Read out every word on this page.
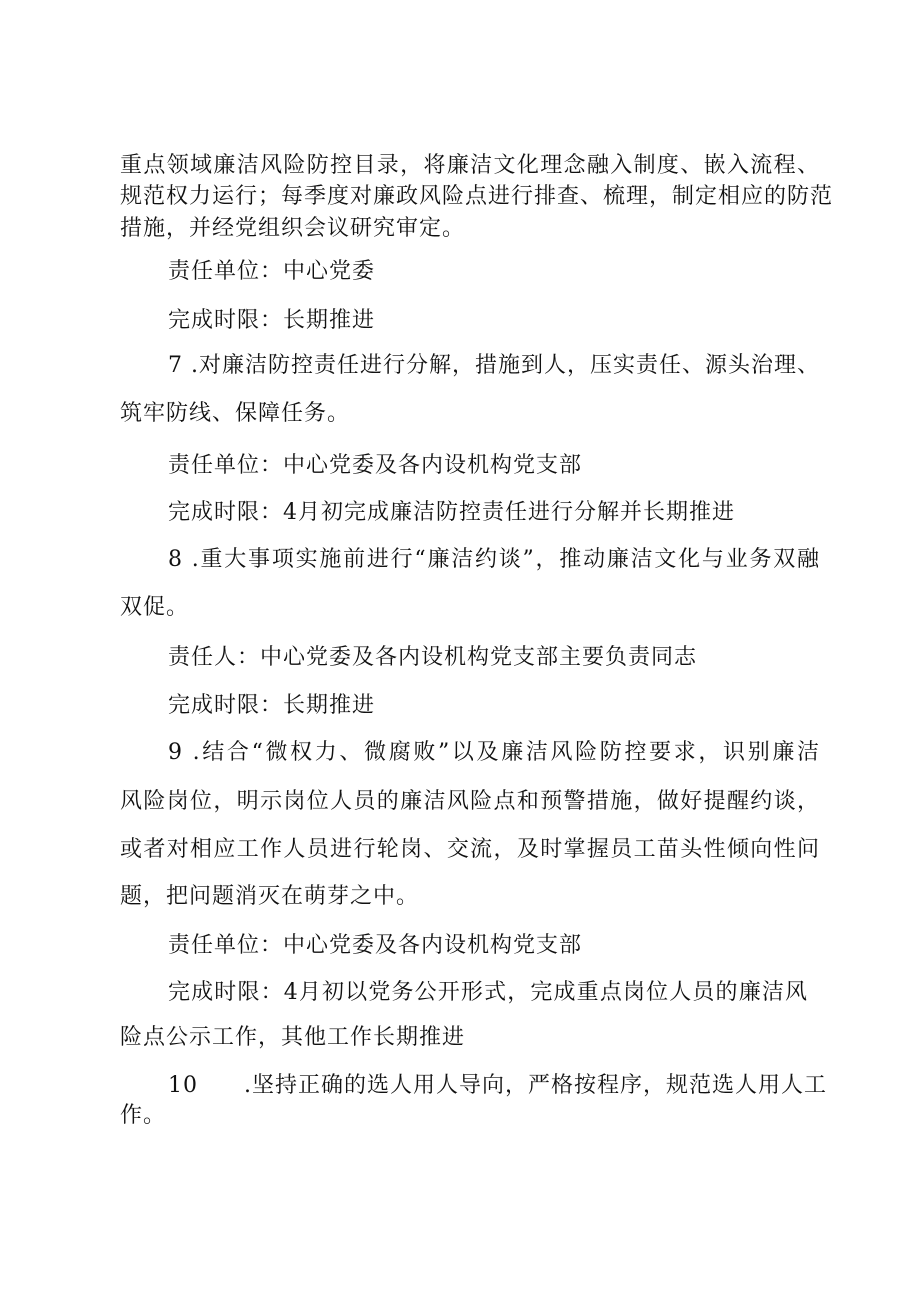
重点领域廉洁风险防控目录，将廉洁文化理念融入制度、嵌入流程、
规范权力运行；每季度对廉政风险点进行排查、梳理，制定相应的防范
措施，并经党组织会议研究审定。
责任单位：中心党委
完成时限：长期推进
7 .对廉洁防控责任进行分解，措施到人，压实责任、源头治理、
筑牢防线、保障任务。
责任单位：中心党委及各内设机构党支部
完成时限：4月初完成廉洁防控责任进行分解并长期推进
8 .重大事项实施前进行“廉洁约谈”，推动廉洁文化与业务双融
双促。
责任人：中心党委及各内设机构党支部主要负责同志
完成时限：长期推进
9 .结合“微权力、微腐败”以及廉洁风险防控要求，识别廉洁
风险岗位，明示岗位人员的廉洁风险点和预警措施，做好提醒约谈，
或者对相应工作人员进行轮岗、交流，及时掌握员工苗头性倾向性问
题，把问题消灭在萌芽之中。
责任单位：中心党委及各内设机构党支部
完成时限：4月初以党务公开形式，完成重点岗位人员的廉洁风
险点公示工作，其他工作长期推进
10　　.坚持正确的选人用人导向，严格按程序，规范选人用人工
作。
